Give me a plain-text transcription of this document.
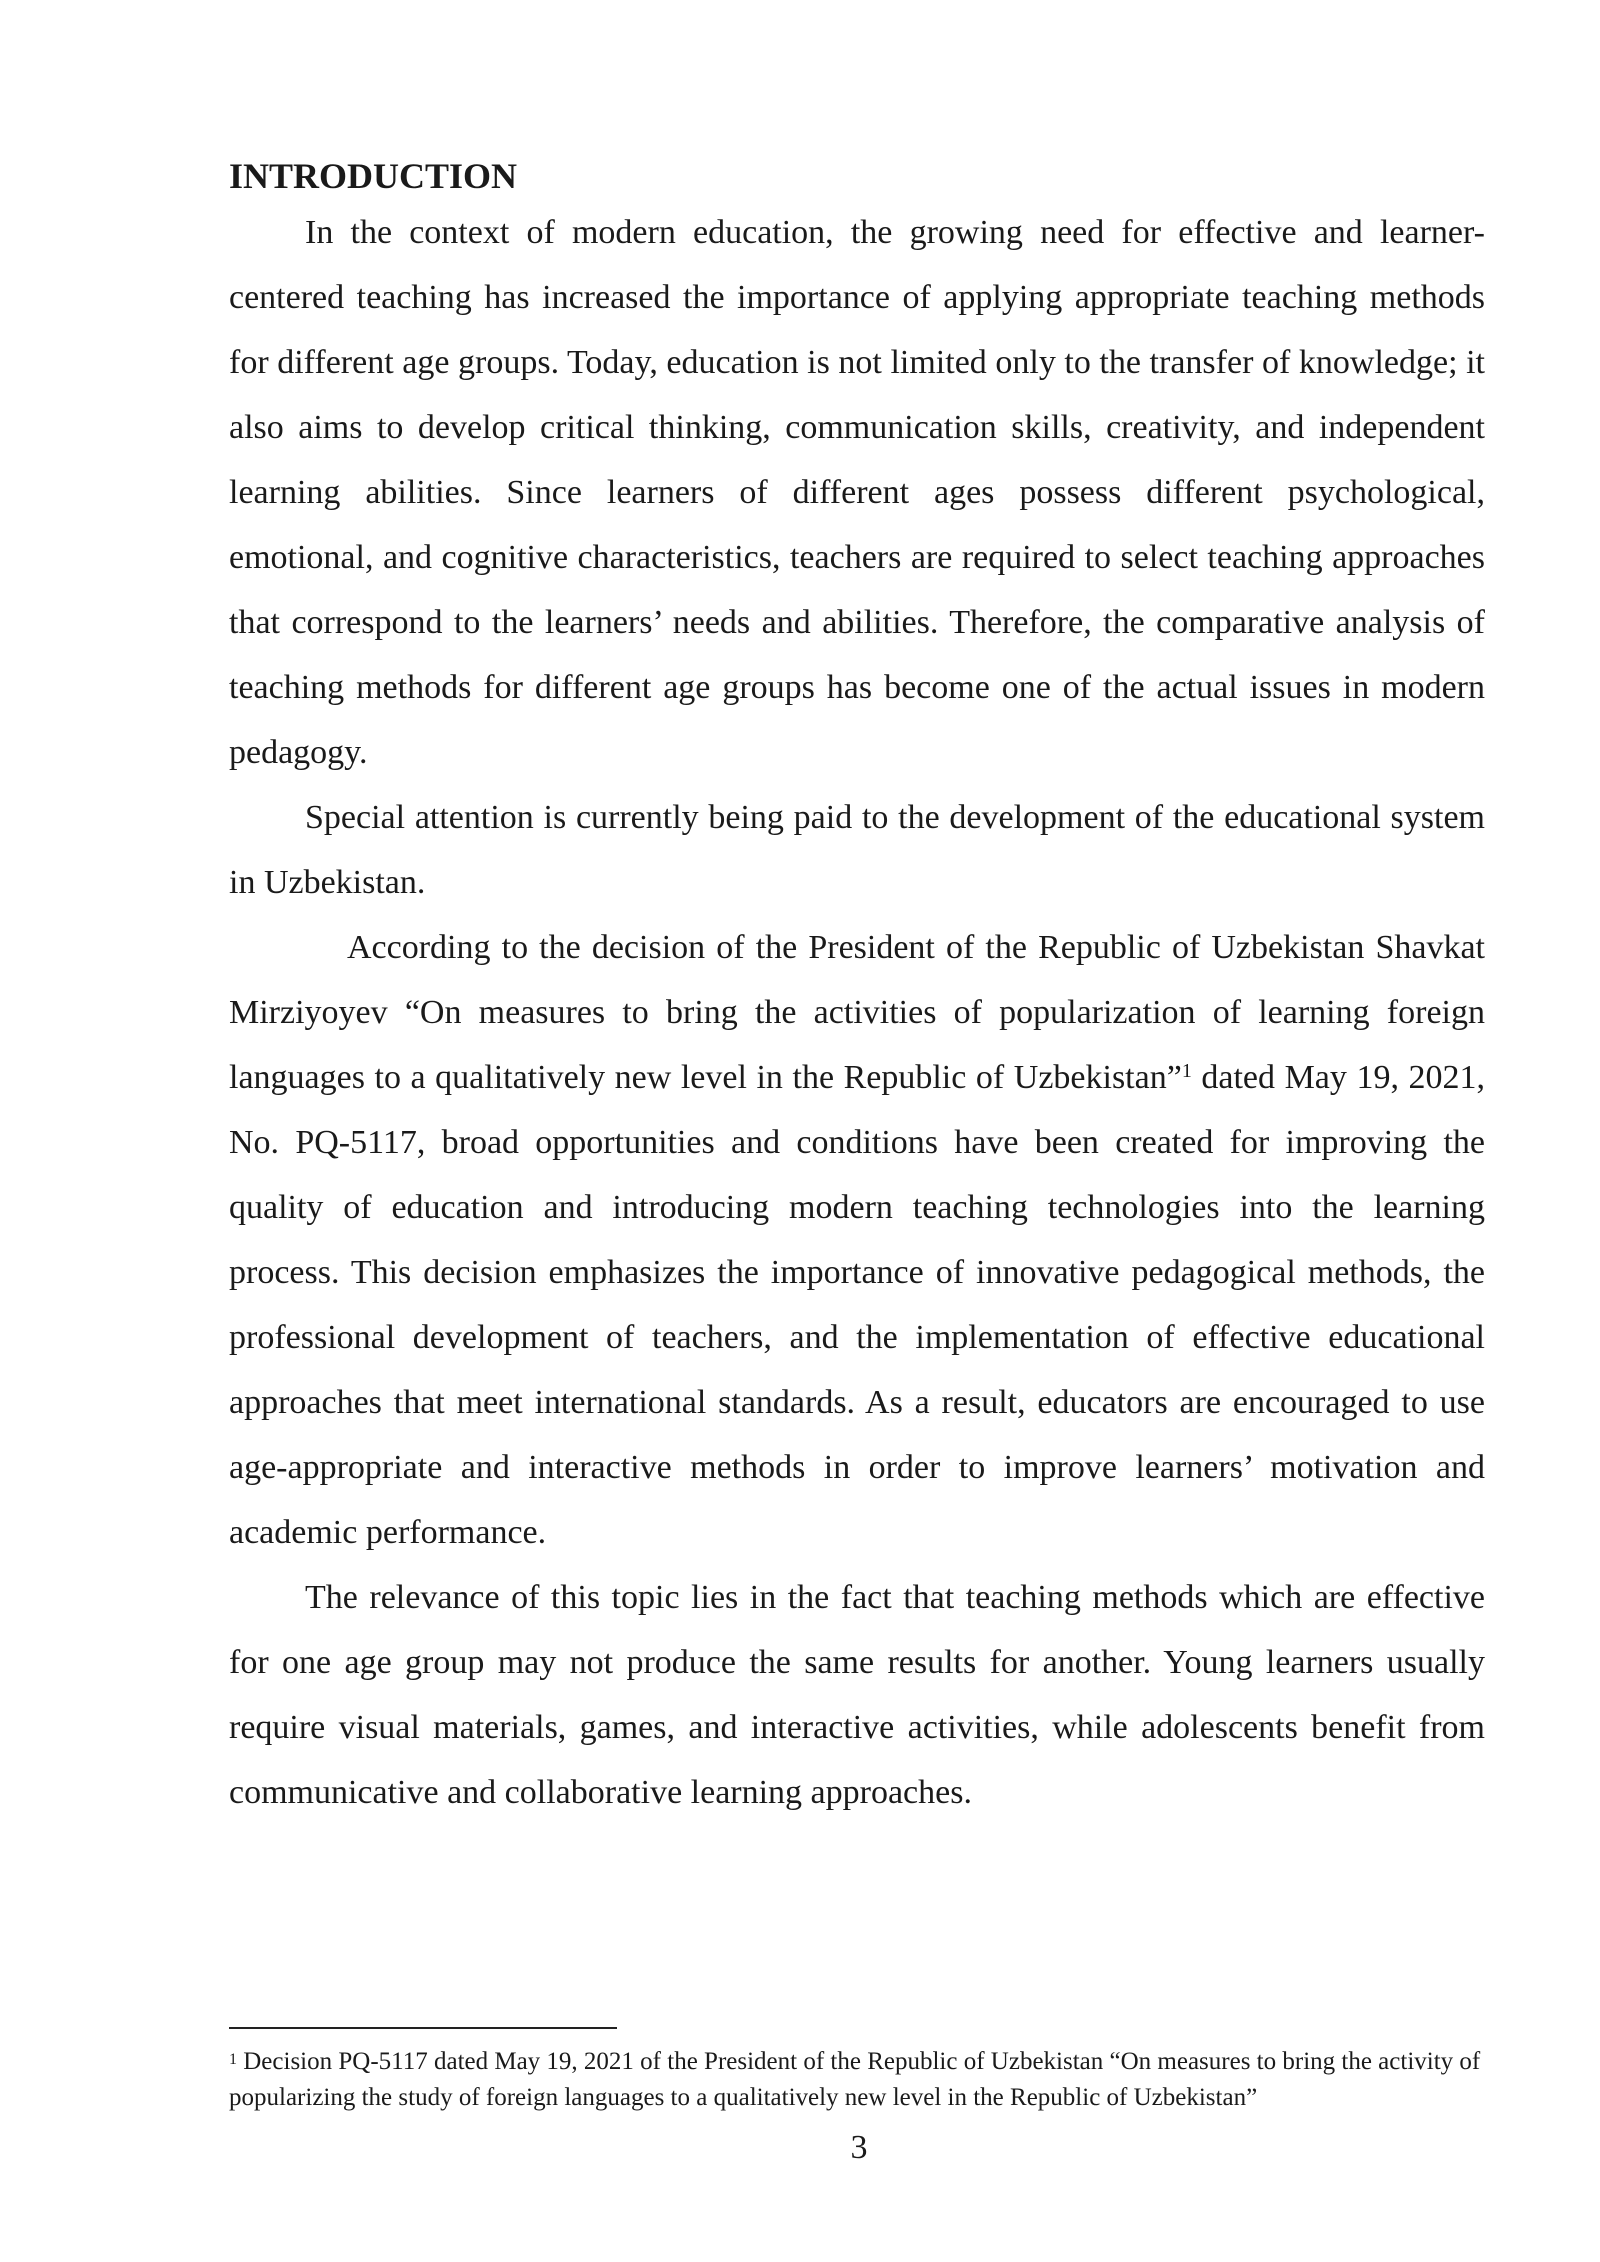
INTRODUCTION

In the context of modern education, the growing need for effective and learner-centered teaching has increased the importance of applying appropriate teaching methods for different age groups. Today, education is not limited only to the transfer of knowledge; it also aims to develop critical thinking, communication skills, creativity, and independent learning abilities. Since learners of different ages possess different psychological, emotional, and cognitive characteristics, teachers are required to select teaching approaches that correspond to the learners’ needs and abilities. Therefore, the comparative analysis of teaching methods for different age groups has become one of the actual issues in modern pedagogy.

Special attention is currently being paid to the development of the educational system in Uzbekistan.

According to the decision of the President of the Republic of Uzbekistan Shavkat Mirziyoyev “On measures to bring the activities of popularization of learning foreign languages to a qualitatively new level in the Republic of Uzbekistan”$^1$ dated May 19, 2021, No. PQ-5117, broad opportunities and conditions have been created for improving the quality of education and introducing modern teaching technologies into the learning process. This decision emphasizes the importance of innovative pedagogical methods, the professional development of teachers, and the implementation of effective educational approaches that meet international standards. As a result, educators are encouraged to use age-appropriate and interactive methods in order to improve learners’ motivation and academic performance.

The relevance of this topic lies in the fact that teaching methods which are effective for one age group may not produce the same results for another. Young learners usually require visual materials, games, and interactive activities, while adolescents benefit from communicative and collaborative learning approaches.

$^1$ Decision PQ-5117 dated May 19, 2021 of the President of the Republic of Uzbekistan “On measures to bring the activity of popularizing the study of foreign languages to a qualitatively new level in the Republic of Uzbekistan”
3
